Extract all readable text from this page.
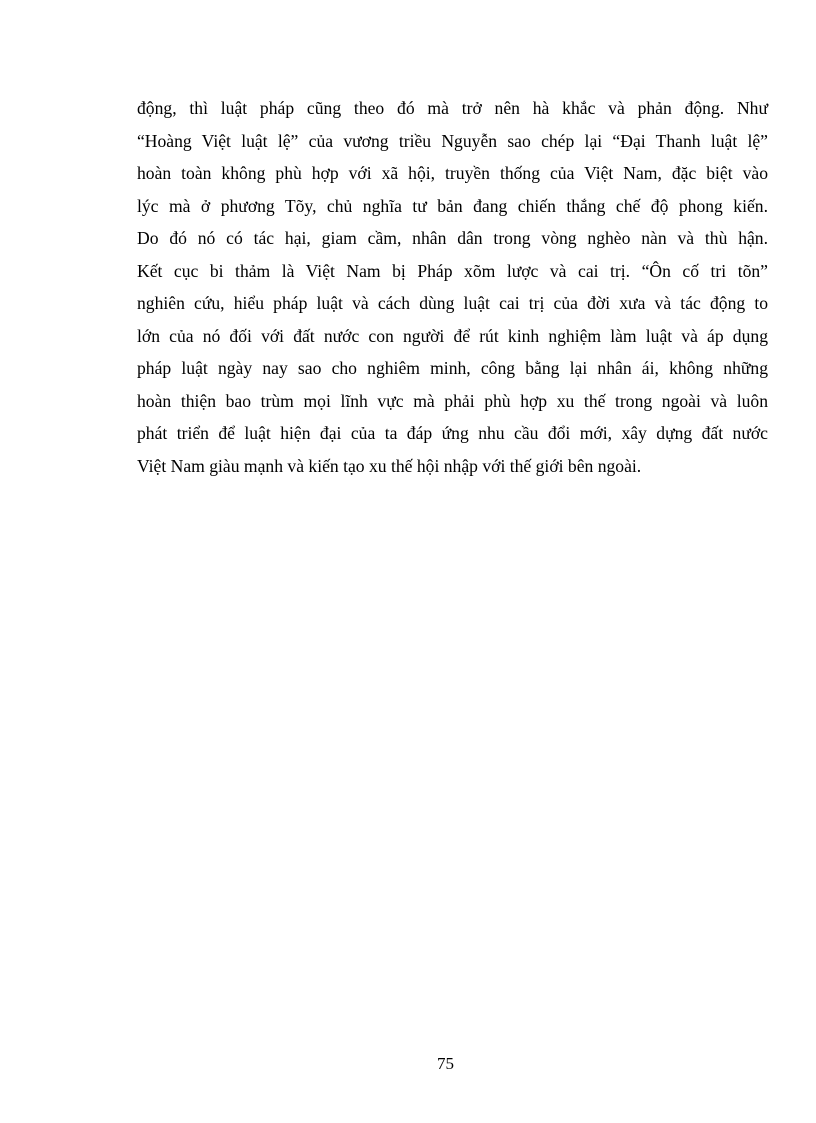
động, thì luật pháp cũng theo đó mà trở nên hà khắc và phản động. Như
“Hoàng Việt luật lệ” của vương triều Nguyễn sao chép lại “Đại Thanh luật lệ”
hoàn toàn không phù hợp với xã hội, truyền thống của Việt Nam, đặc biệt vào
lýc mà ở phương Tõy, chủ nghĩa tư bản đang chiến thắng chế độ phong kiến.
Do đó nó có tác hại, giam cầm, nhân dân trong vòng nghèo nàn và thù hận.
Kết cục bi thảm là Việt Nam bị Pháp xõm lược và cai trị. “Ôn cố tri tõn”
nghiên cứu, hiểu pháp luật và cách dùng luật cai trị của đời xưa và tác động to
lớn của nó đối với đất nước con người để rút kinh nghiệm làm luật và áp dụng
pháp luật ngày nay sao cho nghiêm minh, công bằng lại nhân ái, không những
hoàn thiện bao trùm mọi lĩnh vực mà phải phù hợp xu thế trong ngoài và luôn
phát triển để luật hiện đại của ta đáp ứng nhu cầu đổi mới, xây dựng đất nước
Việt Nam giàu mạnh và kiến tạo xu thế hội nhập với thế giới bên ngoài.
75
